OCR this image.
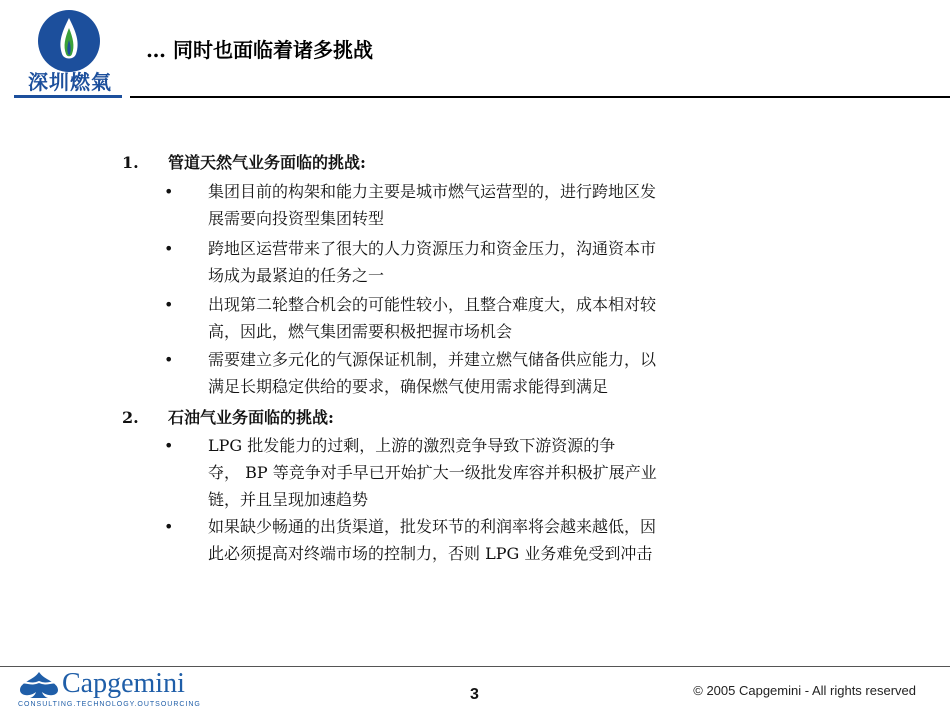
深圳燃氣
… 同时也面临着诸多挑战
1. 管道天然气业务面临的挑战:
• 集团目前的构架和能力主要是城市燃气运营型的，进行跨地区发
展需要向投资型集团转型
• 跨地区运营带来了很大的人力资源压力和资金压力，沟通资本市
场成为最紧迫的任务之一
• 出现第二轮整合机会的可能性较小，且整合难度大，成本相对较
高，因此，燃气集团需要积极把握市场机会
• 需要建立多元化的气源保证机制，并建立燃气储备供应能力，以
满足长期稳定供给的要求，确保燃气使用需求能得到满足
2. 石油气业务面临的挑战:
• LPG 批发能力的过剩，上游的激烈竞争导致下游资源的争
夺， BP 等竞争对手早已开始扩大一级批发库容并积极扩展产业
链，并且呈现加速趋势
• 如果缺少畅通的出货渠道，批发环节的利润率将会越来越低，因
此必须提高对终端市场的控制力，否则 LPG 业务难免受到冲击
Capgemini
CONSULTING.TECHNOLOGY.OUTSOURCING
3	© 2005 Capgemini - All rights reserved
